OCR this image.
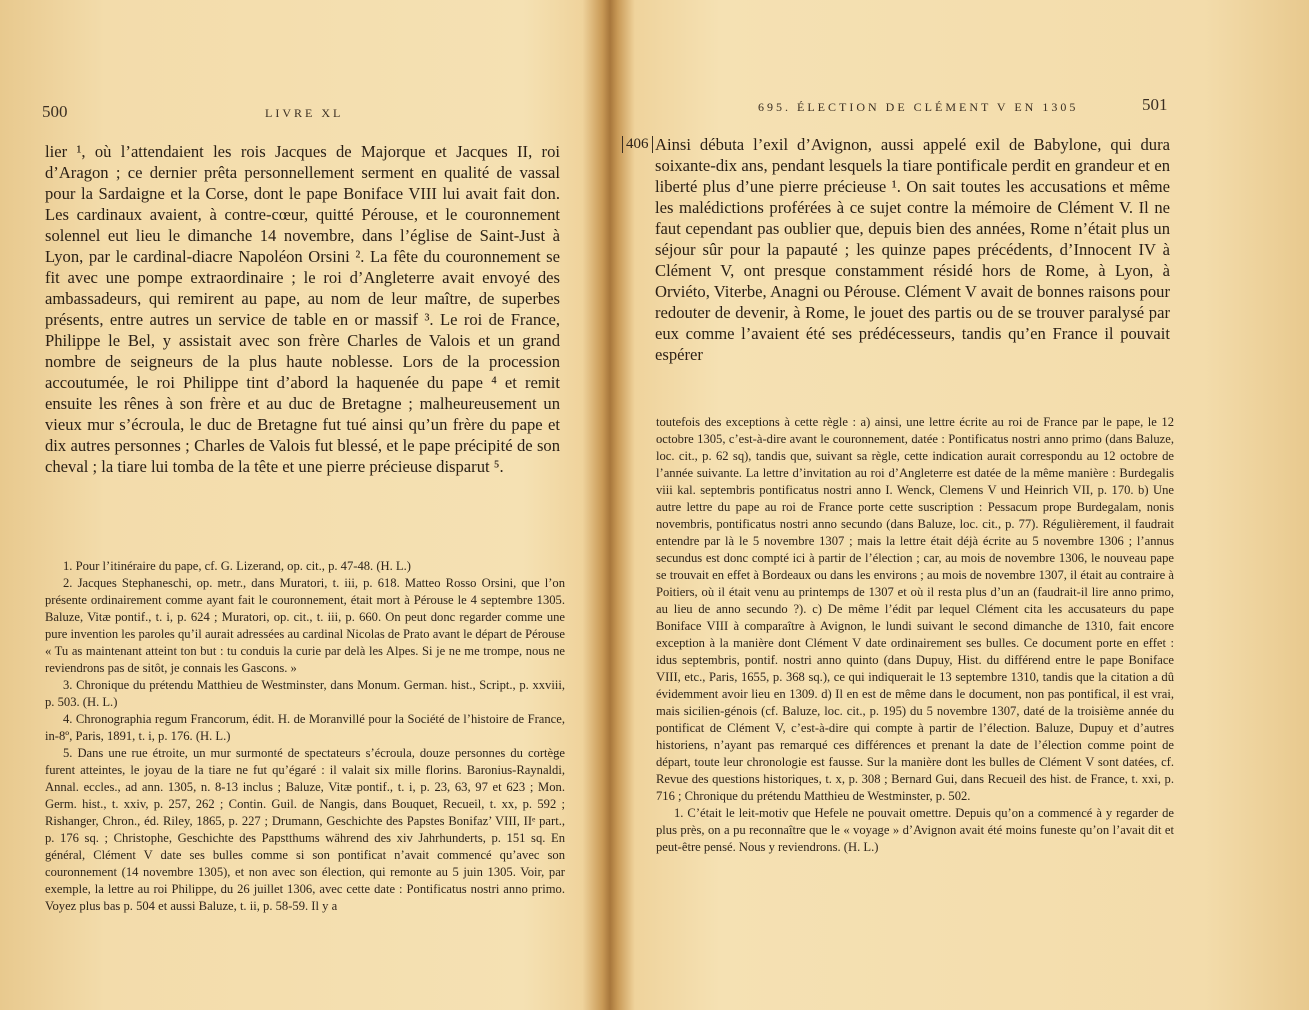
500	LIVRE XL

lier ¹, où l’attendaient les rois Jacques de Majorque et Jacques II, roi d’Aragon ; ce dernier prêta personnellement serment en qualité de vassal pour la Sardaigne et la Corse, dont le pape Boniface VIII lui avait fait don. Les cardinaux avaient, à contre-cœur, quitté Pérouse, et le couronnement solennel eut lieu le dimanche 14 novembre, dans l’église de Saint-Just à Lyon, par le cardinal-diacre Napoléon Orsini ². La fête du couronnement se fit avec une pompe extraordinaire ; le roi d’Angleterre avait envoyé des ambassadeurs, qui remirent au pape, au nom de leur maître, de superbes présents, entre autres un service de table en or massif ³. Le roi de France, Philippe le Bel, y assistait avec son frère Charles de Valois et un grand nombre de seigneurs de la plus haute noblesse. Lors de la procession accoutumée, le roi Philippe tint d’abord la haquenée du pape ⁴ et remit ensuite les rênes à son frère et au duc de Bretagne ; malheureusement un vieux mur s’écroula, le duc de Bretagne fut tué ainsi qu’un frère du pape et dix autres personnes ; Charles de Valois fut blessé, et le pape précipité de son cheval ; la tiare lui tomba de la tête et une pierre précieuse disparut ⁵.

1. Pour l’itinéraire du pape, cf. G. Lizerand, op. cit., p. 47-48. (H. L.)

2. Jacques Stephaneschi, op. metr., dans Muratori, t. iii, p. 618. Matteo Rosso Orsini, que l’on présente ordinairement comme ayant fait le couronnement, était mort à Pérouse le 4 septembre 1305. Baluze, Vitæ pontif., t. i, p. 624 ; Muratori, op. cit., t. iii, p. 660. On peut donc regarder comme une pure invention les paroles qu’il aurait adressées au cardinal Nicolas de Prato avant le départ de Pérouse « Tu as maintenant atteint ton but : tu conduis la curie par delà les Alpes. Si je ne me trompe, nous ne reviendrons pas de sitôt, je connais les Gascons. »

3. Chronique du prétendu Matthieu de Westminster, dans Monum. German. hist., Script., p. xxviii, p. 503. (H. L.)

4. Chronographia regum Francorum, édit. H. de Moranvillé pour la Société de l’histoire de France, in-8º, Paris, 1891, t. i, p. 176. (H. L.)

5. Dans une rue étroite, un mur surmonté de spectateurs s’écroula, douze personnes du cortège furent atteintes, le joyau de la tiare ne fut qu’égaré : il valait six mille florins. Baronius-Raynaldi, Annal. eccles., ad ann. 1305, n. 8-13 inclus ; Baluze, Vitæ pontif., t. i, p. 23, 63, 97 et 623 ; Mon. Germ. hist., t. xxiv, p. 257, 262 ; Contin. Guil. de Nangis, dans Bouquet, Recueil, t. xx, p. 592 ; Rishanger, Chron., éd. Riley, 1865, p. 227 ; Drumann, Geschichte des Papstes Bonifaz’ VIII, IIᵉ part., p. 176 sq. ; Christophe, Geschichte des Papstthums während des xiv Jahrhunderts, p. 151 sq. En général, Clément V date ses bulles comme si son pontificat n’avait commencé qu’avec son couronnement (14 novembre 1305), et non avec son élection, qui remonte au 5 juin 1305. Voir, par exemple, la lettre au roi Philippe, du 26 juillet 1306, avec cette date : Pontificatus nostri anno primo. Voyez plus bas p. 504 et aussi Baluze, t. ii, p. 58-59. Il y a

695. ÉLECTION DE CLÉMENT V EN 1305	501

Ainsi débuta l’exil d’Avignon, aussi appelé exil de Babylone, qui dura soixante-dix ans, pendant lesquels la tiare pontificale perdit en grandeur et en liberté plus d’une pierre précieuse ¹. On sait toutes les accusations et même les malédictions proférées à ce sujet contre la mémoire de Clément V. Il ne faut cependant pas oublier que, depuis bien des années, Rome n’était plus un séjour sûr pour la papauté ; les quinze papes précédents, d’Innocent IV à Clément V, ont presque constamment résidé hors de Rome, à Lyon, à Orviéto, Viterbe, Anagni ou Pérouse. Clément V avait de bonnes raisons pour redouter de devenir, à Rome, le jouet des partis ou de se trouver paralysé par eux comme l’avaient été ses prédécesseurs, tandis qu’en France il pouvait espérer

toutefois des exceptions à cette règle : a) ainsi, une lettre écrite au roi de France par le pape, le 12 octobre 1305, c’est-à-dire avant le couronnement, datée : Pontificatus nostri anno primo (dans Baluze, loc. cit., p. 62 sq), tandis que, suivant sa règle, cette indication aurait correspondu au 12 octobre de l’année suivante. La lettre d’invitation au roi d’Angleterre est datée de la même manière : Burdegalis viii kal. septembris pontificatus nostri anno I. Wenck, Clemens V und Heinrich VII, p. 170. b) Une autre lettre du pape au roi de France porte cette suscription : Pessacum prope Burdegalam, nonis novembris, pontificatus nostri anno secundo (dans Baluze, loc. cit., p. 77). Régulièrement, il faudrait entendre par là le 5 novembre 1307 ; mais la lettre était déjà écrite au 5 novembre 1306 ; l’annus secundus est donc compté ici à partir de l’élection ; car, au mois de novembre 1306, le nouveau pape se trouvait en effet à Bordeaux ou dans les environs ; au mois de novembre 1307, il était au contraire à Poitiers, où il était venu au printemps de 1307 et où il resta plus d’un an (faudrait-il lire anno primo, au lieu de anno secundo ?). c) De même l’édit par lequel Clément cita les accusateurs du pape Boniface VIII à comparaître à Avignon, le lundi suivant le second dimanche de 1310, fait encore exception à la manière dont Clément V date ordinairement ses bulles. Ce document porte en effet : idus septembris, pontif. nostri anno quinto (dans Dupuy, Hist. du différend entre le pape Boniface VIII, etc., Paris, 1655, p. 368 sq.), ce qui indiquerait le 13 septembre 1310, tandis que la citation a dû évidemment avoir lieu en 1309. d) Il en est de même dans le document, non pas pontifical, il est vrai, mais sicilien-génois (cf. Baluze, loc. cit., p. 195) du 5 novembre 1307, daté de la troisième année du pontificat de Clément V, c’est-à-dire qui compte à partir de l’élection. Baluze, Dupuy et d’autres historiens, n’ayant pas remarqué ces différences et prenant la date de l’élection comme point de départ, toute leur chronologie est fausse. Sur la manière dont les bulles de Clément V sont datées, cf. Revue des questions historiques, t. x, p. 308 ; Bernard Gui, dans Recueil des hist. de France, t. xxi, p. 716 ; Chronique du prétendu Matthieu de Westminster, p. 502.

1. C’était le leit-motiv que Hefele ne pouvait omettre. Depuis qu’on a commencé à y regarder de plus près, on a pu reconnaître que le « voyage » d’Avignon avait été moins funeste qu’on l’avait dit et peut-être pensé. Nous y reviendrons. (H. L.)

406
